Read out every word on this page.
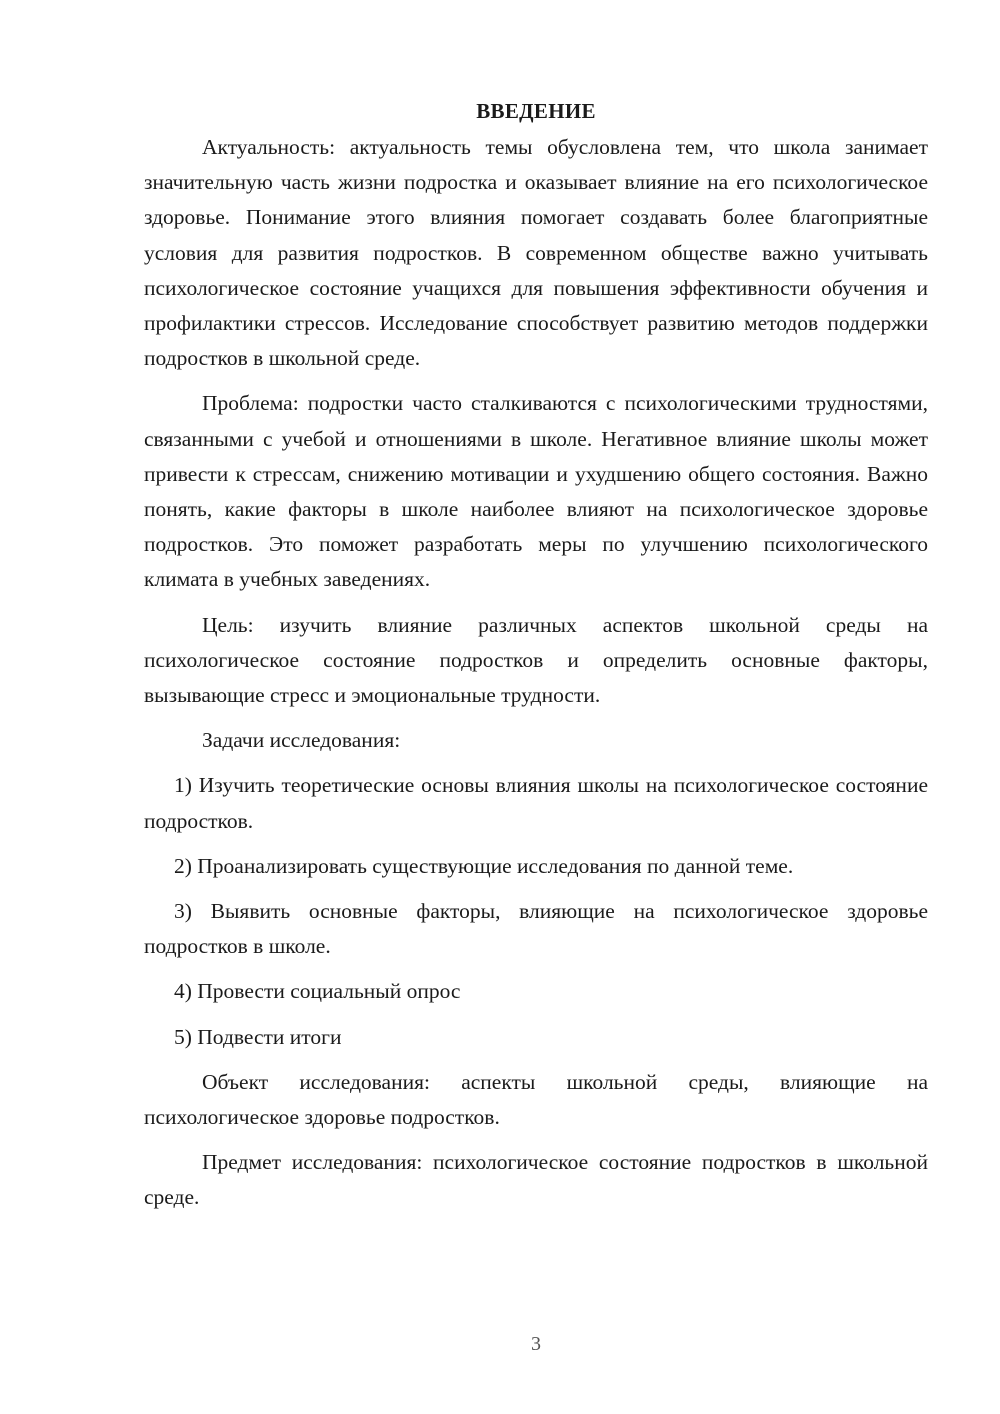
ВВЕДЕНИЕ

Актуальность: актуальность темы обусловлена тем, что школа занимает значительную часть жизни подростка и оказывает влияние на его психологическое здоровье. Понимание этого влияния помогает создавать более благоприятные условия для развития подростков. В современном обществе важно учитывать психологическое состояние учащихся для повышения эффективности обучения и профилактики стрессов. Исследование способствует развитию методов поддержки подростков в школьной среде.

Проблема: подростки часто сталкиваются с психологическими трудностями, связанными с учебой и отношениями в школе. Негативное влияние школы может привести к стрессам, снижению мотивации и ухудшению общего состояния. Важно понять, какие факторы в школе наиболее влияют на психологическое здоровье подростков. Это поможет разработать меры по улучшению психологического климата в учебных заведениях.

Цель: изучить влияние различных аспектов школьной среды на психологическое состояние подростков и определить основные факторы, вызывающие стресс и эмоциональные трудности.

Задачи исследования:

1) Изучить теоретические основы влияния школы на психологическое состояние подростков.

2) Проанализировать существующие исследования по данной теме.

3) Выявить основные факторы, влияющие на психологическое здоровье подростков в школе.

4) Провести социальный опрос

5) Подвести итоги

Объект исследования: аспекты школьной среды, влияющие на психологическое здоровье подростков.

Предмет исследования: психологическое состояние подростков в школьной среде.

3
